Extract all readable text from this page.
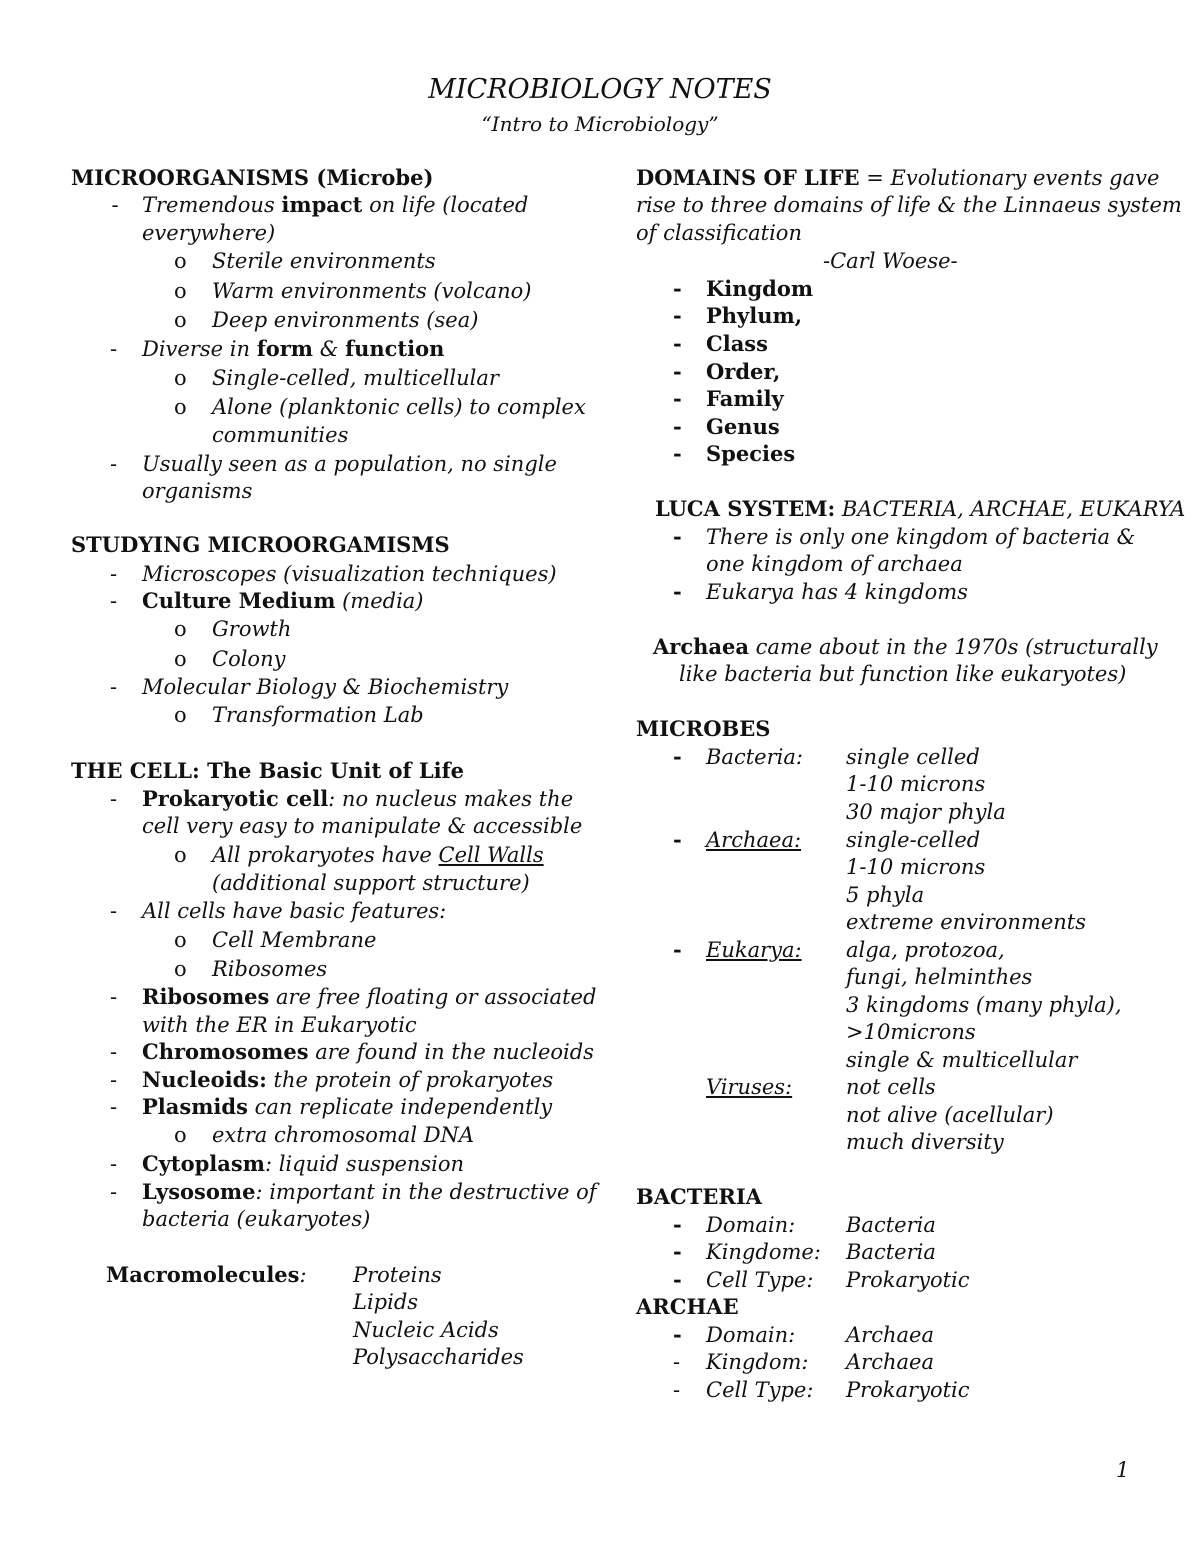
MICROBIOLOGY NOTES
“Intro to Microbiology”
MICROORGANISMS (Microbe)
-	Tremendous impact on life (located
everywhere)
o Sterile environments
o Warm environments (volcano)
o Deep environments (sea)
- Diverse in form & function
o Single-celled, multicellular
o Alone (planktonic cells) to complex
communities
- Usually seen as a population, no single
organisms
STUDYING MICROORGAMISMS
- Microscopes (visualization techniques)
- Culture Medium (media)
o Growth
o Colony
- Molecular Biology & Biochemistry
o Transformation Lab
THE CELL: The Basic Unit of Life
- Prokaryotic cell: no nucleus makes the
cell very easy to manipulate & accessible
o All prokaryotes have Cell Walls
(additional support structure)
- All cells have basic features:
o Cell Membrane
o Ribosomes
- Ribosomes are free floating or associated
with the ER in Eukaryotic
- Chromosomes are found in the nucleoids
- Nucleoids: the protein of prokaryotes
- Plasmids can replicate independently
o extra chromosomal DNA
- Cytoplasm: liquid suspension
- Lysosome: important in the destructive of
bacteria (eukaryotes)
Macromolecules: Proteins
Lipids
Nucleic Acids
Polysaccharides
DOMAINS OF LIFE = Evolutionary events gave
rise to three domains of life & the Linnaeus system
of classification
-Carl Woese-
- Kingdom
- Phylum,
- Class
- Order,
- Family
- Genus
- Species
LUCA SYSTEM: BACTERIA, ARCHAE, EUKARYA
- There is only one kingdom of bacteria &
one kingdom of archaea
- Eukarya has 4 kingdoms
Archaea came about in the 1970s (structurally
like bacteria but function like eukaryotes)
MICROBES
- Bacteria: single celled
1-10 microns
30 major phyla
- Archaea: single-celled
1-10 microns
5 phyla
extreme environments
- Eukarya: alga, protozoa,
fungi, helminthes
3 kingdoms (many phyla),
>10microns
single & multicellular
Viruses:	not cells
not alive (acellular)
much diversity
BACTERIA
- Domain: Bacteria
- Kingdome: Bacteria
- Cell Type: Prokaryotic
ARCHAE
- Domain: Archaea
- Kingdom: Archaea
- Cell Type: Prokaryotic
1
